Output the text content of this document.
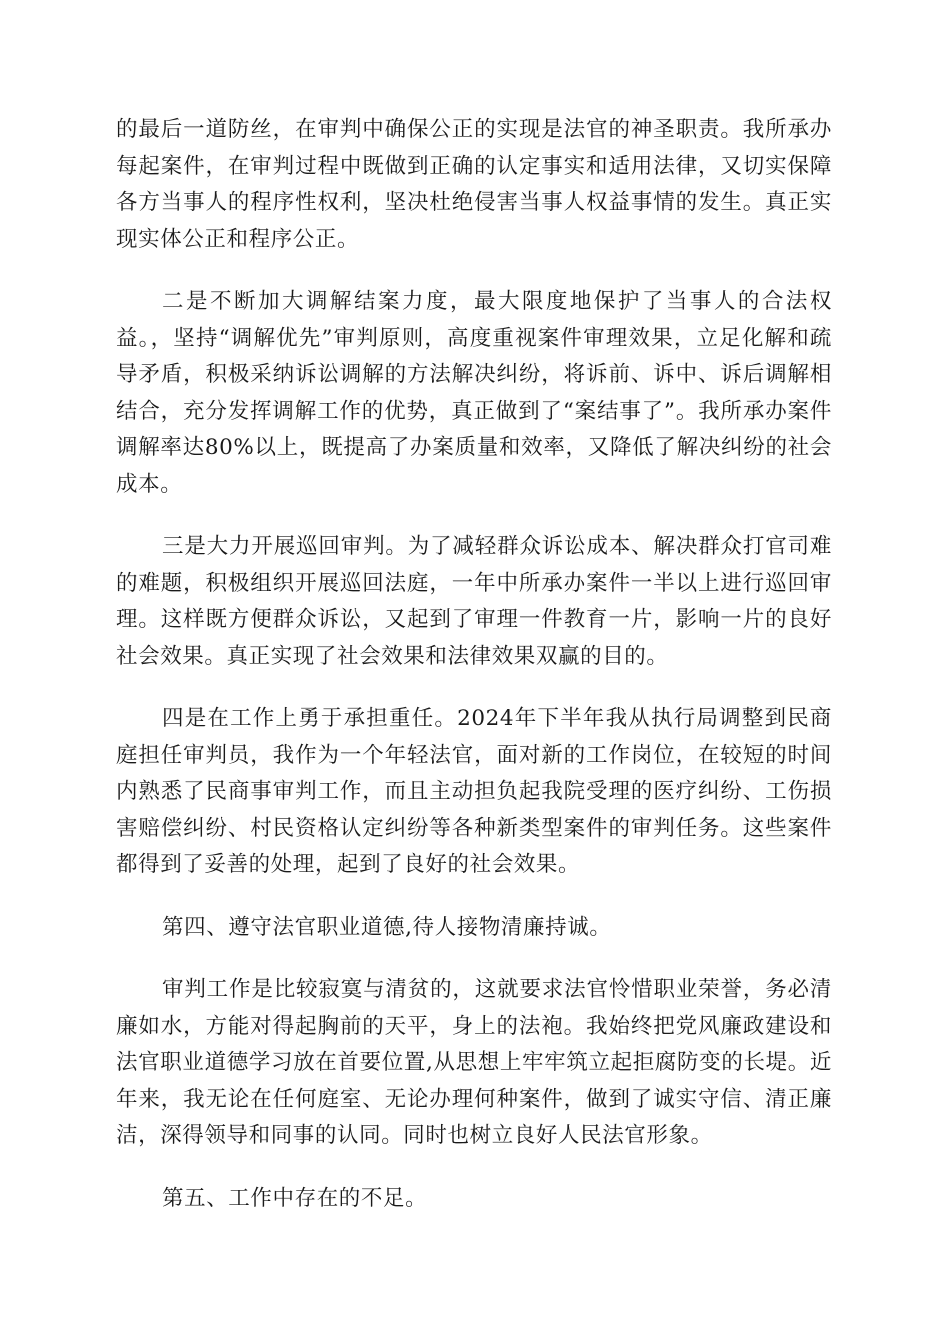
的最后一道防丝，在审判中确保公正的实现是法官的神圣职责。我所承办每起案件，在审判过程中既做到正确的认定事实和适用法律，又切实保障各方当事人的程序性权利，坚决杜绝侵害当事人权益事情的发生。真正实现实体公正和程序公正。

二是不断加大调解结案力度，最大限度地保护了当事人的合法权益。，坚持“调解优先”审判原则，高度重视案件审理效果，立足化解和疏导矛盾，积极采纳诉讼调解的方法解决纠纷，将诉前、诉中、诉后调解相结合，充分发挥调解工作的优势，真正做到了“案结事了”。我所承办案件调解率达80%以上，既提高了办案质量和效率，又降低了解决纠纷的社会成本。

三是大力开展巡回审判。为了减轻群众诉讼成本、解决群众打官司难的难题，积极组织开展巡回法庭，一年中所承办案件一半以上进行巡回审理。这样既方便群众诉讼，又起到了审理一件教育一片，影响一片的良好社会效果。真正实现了社会效果和法律效果双赢的目的。

四是在工作上勇于承担重任。2024年下半年我从执行局调整到民商庭担任审判员，我作为一个年轻法官，面对新的工作岗位，在较短的时间内熟悉了民商事审判工作，而且主动担负起我院受理的医疗纠纷、工伤损害赔偿纠纷、村民资格认定纠纷等各种新类型案件的审判任务。这些案件都得到了妥善的处理，起到了良好的社会效果。

第四、遵守法官职业道德,待人接物清廉持诚。

审判工作是比较寂寞与清贫的，这就要求法官怜惜职业荣誉，务必清廉如水，方能对得起胸前的天平，身上的法袍。我始终把党风廉政建设和法官职业道德学习放在首要位置,从思想上牢牢筑立起拒腐防变的长堤。近年来，我无论在任何庭室、无论办理何种案件，做到了诚实守信、清正廉洁，深得领导和同事的认同。同时也树立良好人民法官形象。

第五、工作中存在的不足。
